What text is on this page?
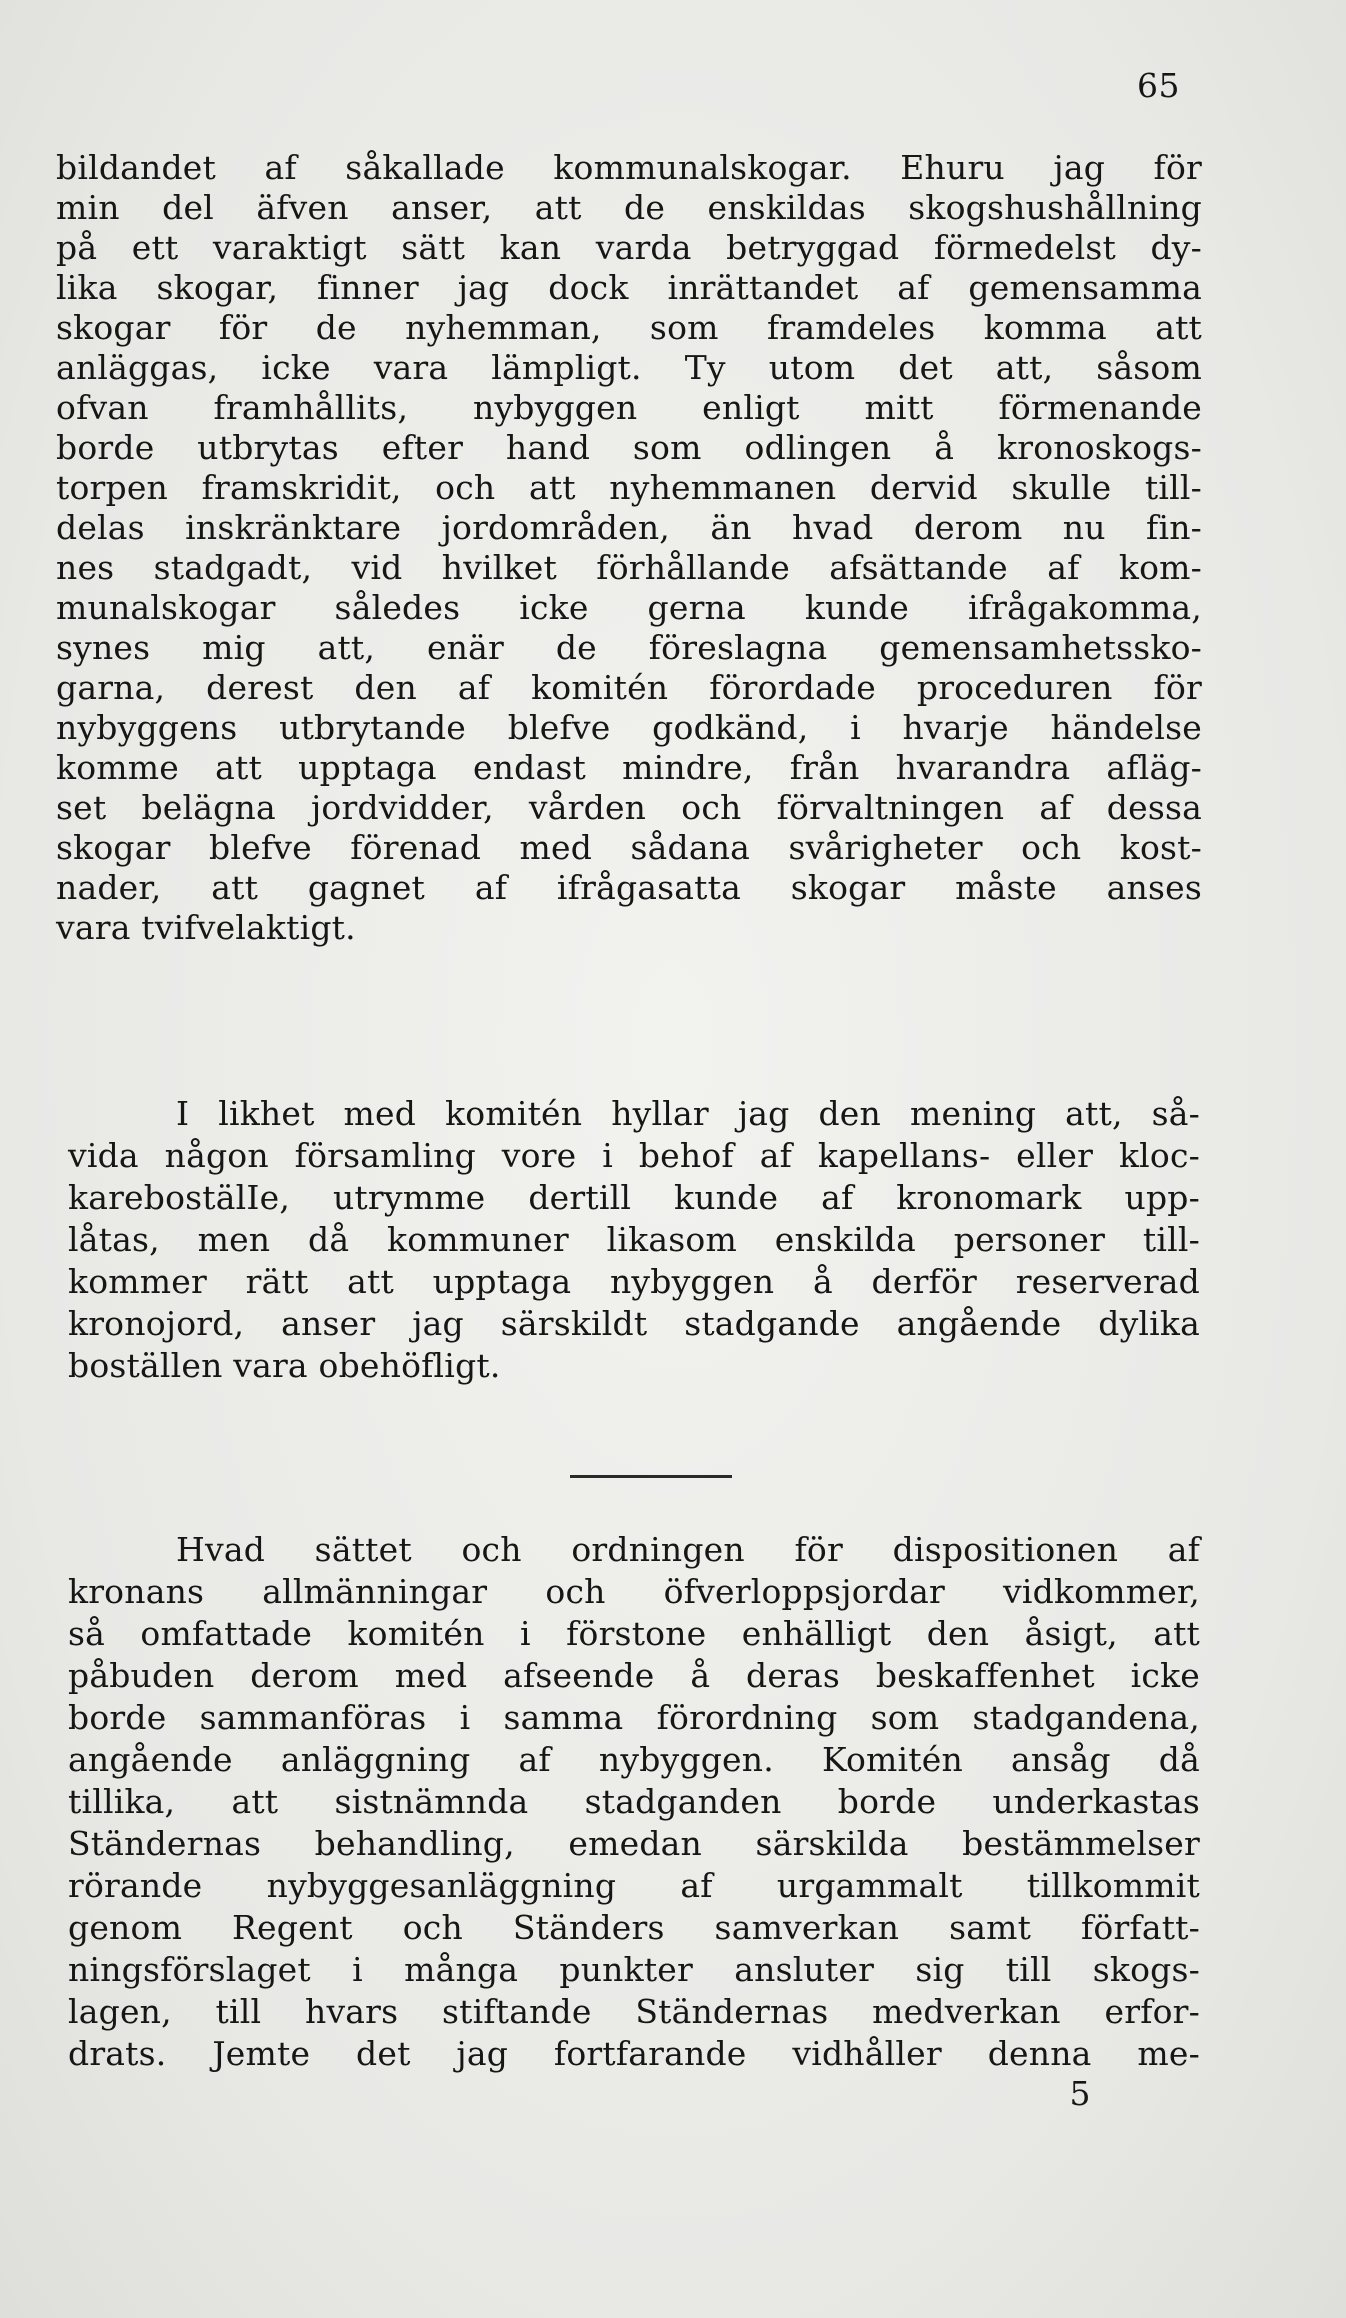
65
bildandet af såkallade kommunalskogar. Ehuru jag för
min del äfven anser, att de enskildas skogshushållning
på ett varaktigt sätt kan varda betryggad förmedelst dy-
lika skogar, finner jag dock inrättandet af gemensamma
skogar för de nyhemman, som framdeles komma att
anläggas, icke vara lämpligt. Ty utom det att, såsom
ofvan framhållits, nybyggen enligt mitt förmenande
borde utbrytas efter hand som odlingen å kronoskogs-
torpen framskridit, och att nyhemmanen dervid skulle till-
delas inskränktare jordområden, än hvad derom nu fin-
nes stadgadt, vid hvilket förhållande afsättande af kom-
munalskogar således icke gerna kunde ifrågakomma,
synes mig att, enär de föreslagna gemensamhetssko-
garna, derest den af komitén förordade proceduren för
nybyggens utbrytande blefve godkänd, i hvarje händelse
komme att upptaga endast mindre, från hvarandra afläg-
set belägna jordvidder, vården och förvaltningen af dessa
skogar blefve förenad med sådana svårigheter och kost-
nader, att gagnet af ifrågasatta skogar måste anses
vara tvifvelaktigt.
I likhet med komitén hyllar jag den mening att, så-
vida någon församling vore i behof af kapellans- eller kloc-
karebostälIe, utrymme dertill kunde af kronomark upp-
låtas, men då kommuner likasom enskilda personer till-
kommer rätt att upptaga nybyggen å derför reserverad
kronojord, anser jag särskildt stadgande angående dylika
boställen vara obehöfligt.
Hvad sättet och ordningen för dispositionen af
kronans allmänningar och öfverloppsjordar vidkommer,
så omfattade komitén i förstone enhälligt den åsigt, att
påbuden derom med afseende å deras beskaffenhet icke
borde sammanföras i samma förordning som stadgandena,
angående anläggning af nybyggen. Komitén ansåg då
tillika, att sistnämnda stadganden borde underkastas
Ständernas behandling, emedan särskilda bestämmelser
rörande nybyggesanläggning af urgammalt tillkommit
genom Regent och Ständers samverkan samt författ-
ningsförslaget i många punkter ansluter sig till skogs-
lagen, till hvars stiftande Ständernas medverkan erfor-
drats. Jemte det jag fortfarande vidhåller denna me-
5
